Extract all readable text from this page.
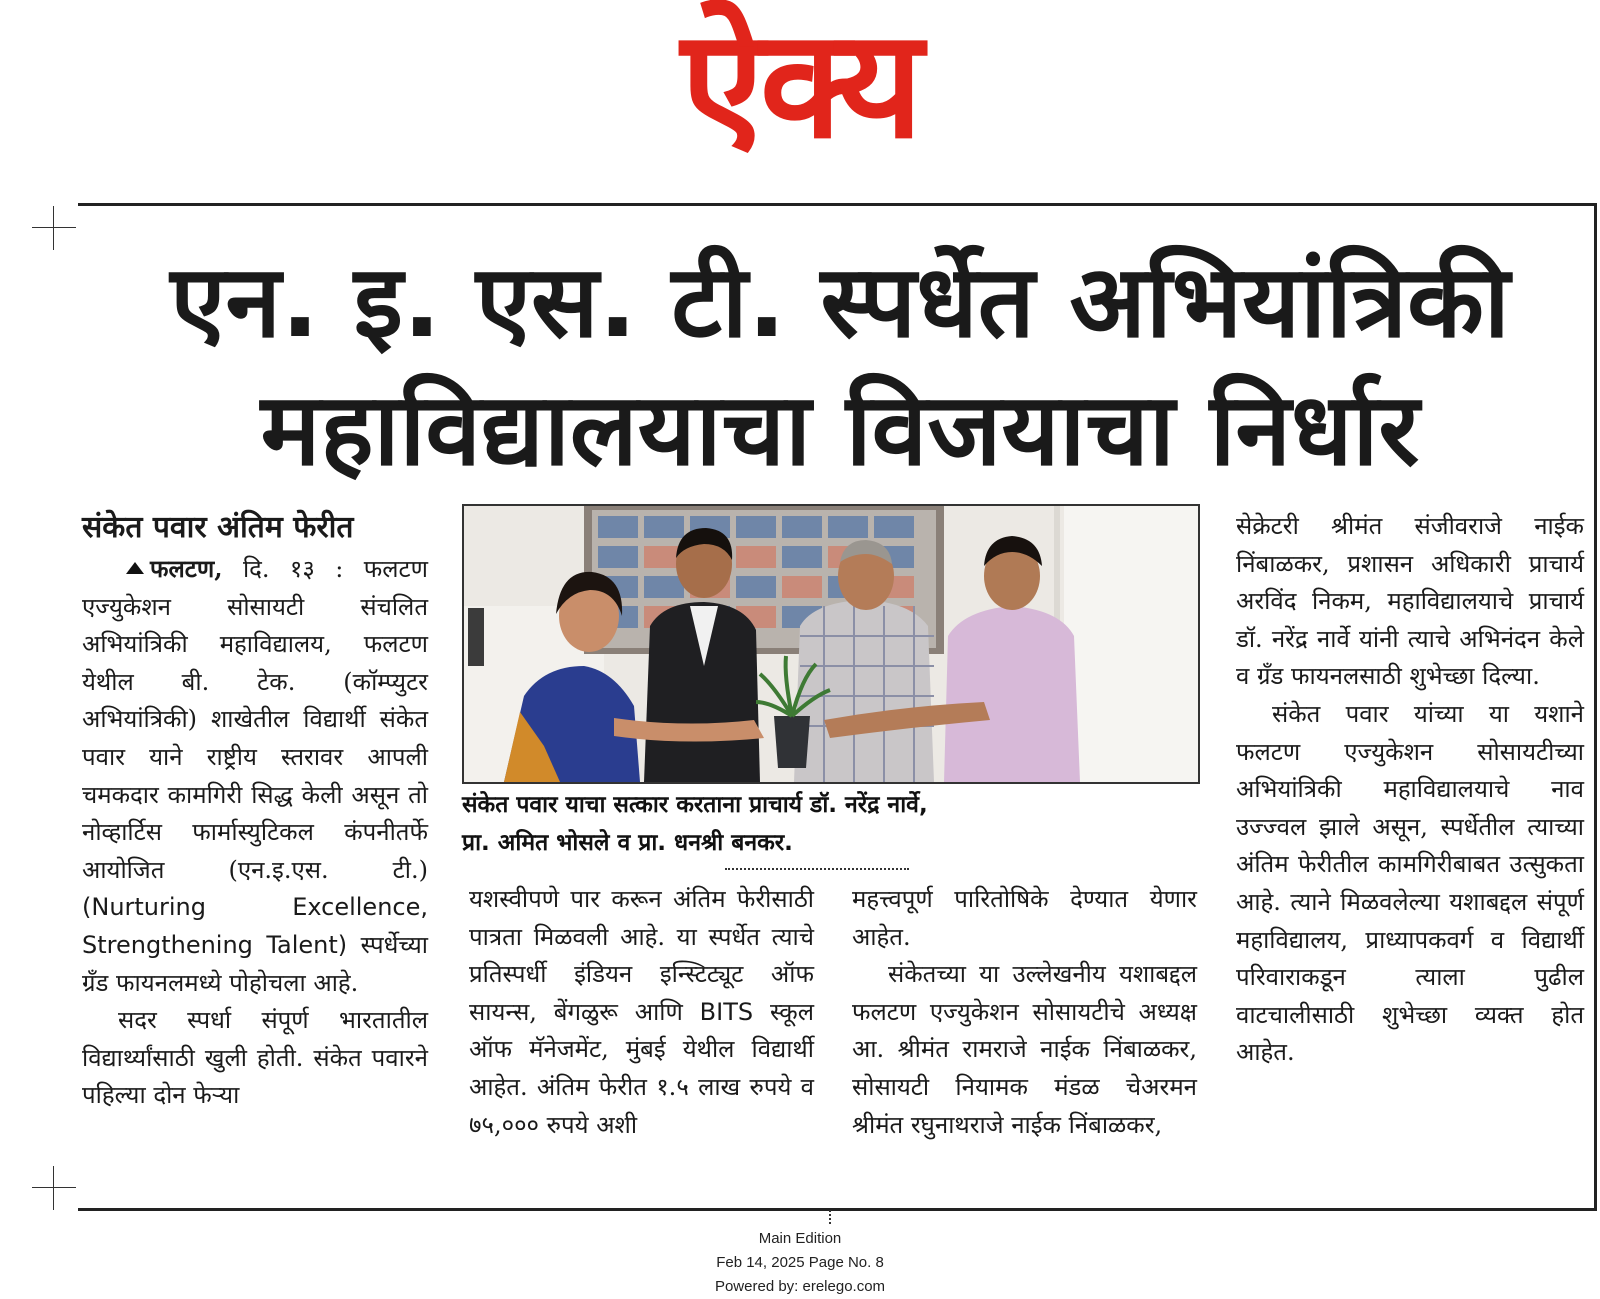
ऐक्य
एन. इ. एस. टी. स्पर्धेत अभियांत्रिकी
महाविद्यालयाचा विजयाचा निर्धार
संकेत पवार अंतिम फेरीत

फलटण, दि. १३ : फलटण एज्युकेशन सोसायटी संचलित अभियांत्रिकी महाविद्यालय, फलटण येथील बी. टेक. (कॉम्प्युटर अभियांत्रिकी) शाखेतील विद्यार्थी संकेत पवार याने राष्ट्रीय स्तरावर आपली चमकदार कामगिरी सिद्ध केली असून तो नोव्हार्टिस फार्मास्युटिकल कंपनीतर्फे आयोजित (एन.इ.एस. टी.) (Nurturing Excellence, Strengthening Talent) स्पर्धेच्या ग्रँड फायनलमध्ये पोहोचला आहे.

सदर स्पर्धा संपूर्ण भारतातील विद्यार्थ्यांसाठी खुली होती. संकेत पवारने पहिल्या दोन फेऱ्या

संकेत पवार याचा सत्कार करताना प्राचार्य डॉ. नरेंद्र नार्वे,
प्रा. अमित भोसले व प्रा. धनश्री बनकर.

यशस्वीपणे पार करून अंतिम फेरीसाठी पात्रता मिळवली आहे. या स्पर्धेत त्याचे प्रतिस्पर्धी इंडियन इन्स्टिट्यूट ऑफ सायन्स, बेंगळुरू आणि BITS स्कूल ऑफ मॅनेजमेंट, मुंबई येथील विद्यार्थी आहेत. अंतिम फेरीत १.५ लाख रुपये व ७५,००० रुपये अशी

महत्त्वपूर्ण पारितोषिके देण्यात येणार आहेत.

संकेतच्या या उल्लेखनीय यशाबद्दल फलटण एज्युकेशन सोसायटीचे अध्यक्ष आ. श्रीमंत रामराजे नाईक निंबाळकर, सोसायटी नियामक मंडळ चेअरमन श्रीमंत रघुनाथराजे नाईक निंबाळकर,

सेक्रेटरी श्रीमंत संजीवराजे नाईक निंबाळकर, प्रशासन अधिकारी प्राचार्य अरविंद निकम, महाविद्यालयाचे प्राचार्य डॉ. नरेंद्र नार्वे यांनी त्याचे अभिनंदन केले व ग्रँड फायनलसाठी शुभेच्छा दिल्या.

संकेत पवार यांच्या या यशाने फलटण एज्युकेशन सोसायटीच्या अभियांत्रिकी महाविद्यालयाचे नाव उज्ज्वल झाले असून, स्पर्धेतील त्याच्या अंतिम फेरीतील कामगिरीबाबत उत्सुकता आहे. त्याने मिळवलेल्या यशाबद्दल संपूर्ण महाविद्यालय, प्राध्यापकवर्ग व विद्यार्थी परिवाराकडून त्याला पुढील वाटचालीसाठी शुभेच्छा व्यक्त होत आहेत.

Main Edition
Feb 14, 2025 Page No. 8
Powered by: erelego.com
